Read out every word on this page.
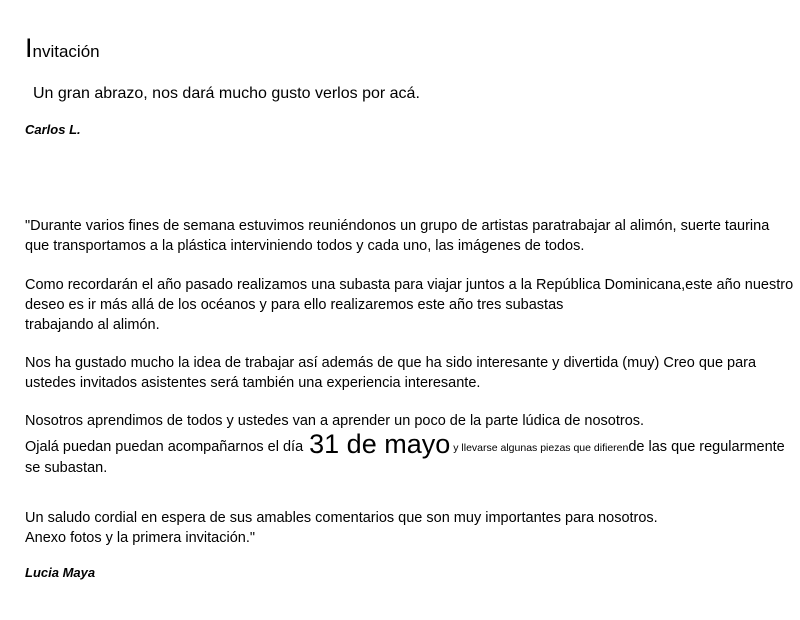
Invitación
Un gran abrazo, nos dará mucho gusto verlos por acá.
Carlos L.

"Durante varios fines de semana estuvimos reuniéndonos un grupo de artistas paratrabajar al alimón, suerte taurina que transportamos a la plástica interviniendo todos y cada uno, las imágenes de todos.

Como recordarán el año pasado realizamos una subasta para viajar juntos a la República Dominicana,este año nuestro deseo es ir más allá de los océanos y para ello realizaremos este año tres subastas
trabajando al alimón.

Nos ha gustado mucho la idea de trabajar así además de que ha sido interesante y divertida (muy) Creo que para ustedes invitados asistentes será también una experiencia interesante.

Nosotros aprendimos de todos y ustedes van a aprender un poco de la parte lúdica de nosotros.

Ojalá puedan puedan acompañarnos el día 31 de mayo y llevarse algunas piezas que difierende las que regularmente se subastan.

Un saludo cordial en espera de sus amables comentarios que son muy importantes para nosotros.
Anexo fotos y la primera invitación."

Lucia Maya
